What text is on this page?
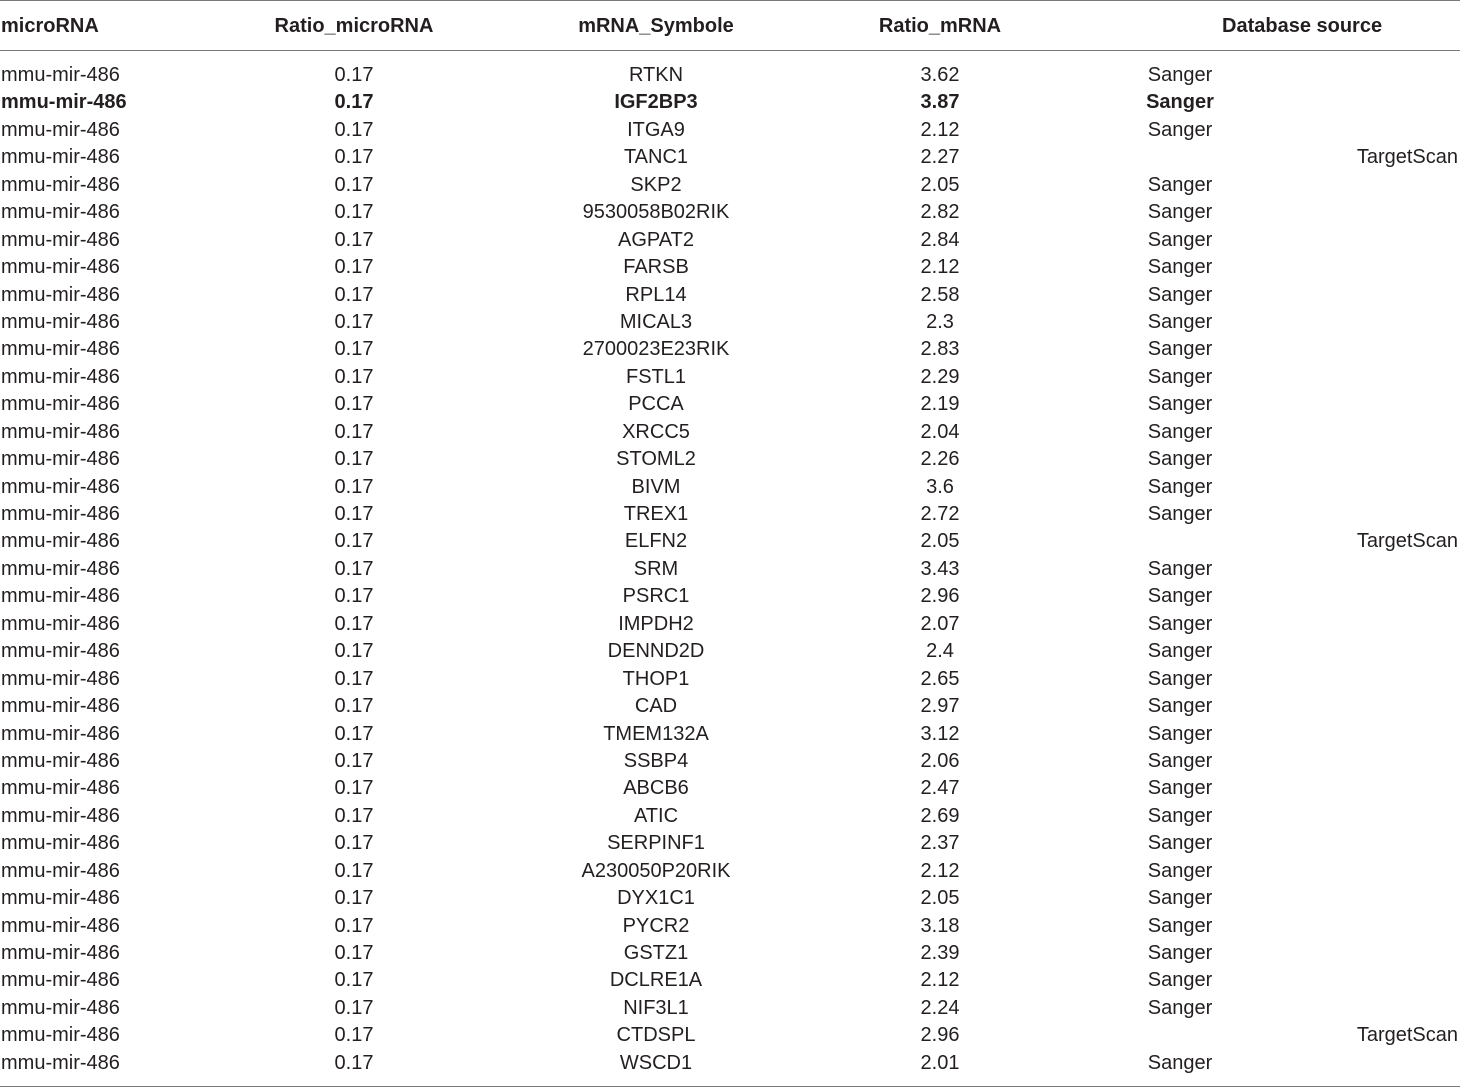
microRNA	Ratio_microRNA	mRNA_Symbole	Ratio_mRNA	Database source
mmu-mir-486	0.17	RTKN	3.62	Sanger
mmu-mir-486	0.17	IGF2BP3	3.87	Sanger
mmu-mir-486	0.17	ITGA9	2.12	Sanger
mmu-mir-486	0.17	TANC1	2.27	TargetScan
mmu-mir-486	0.17	SKP2	2.05	Sanger
mmu-mir-486	0.17	9530058B02RIK	2.82	Sanger
mmu-mir-486	0.17	AGPAT2	2.84	Sanger
mmu-mir-486	0.17	FARSB	2.12	Sanger
mmu-mir-486	0.17	RPL14	2.58	Sanger
mmu-mir-486	0.17	MICAL3	2.3	Sanger
mmu-mir-486	0.17	2700023E23RIK	2.83	Sanger
mmu-mir-486	0.17	FSTL1	2.29	Sanger
mmu-mir-486	0.17	PCCA	2.19	Sanger
mmu-mir-486	0.17	XRCC5	2.04	Sanger
mmu-mir-486	0.17	STOML2	2.26	Sanger
mmu-mir-486	0.17	BIVM	3.6	Sanger
mmu-mir-486	0.17	TREX1	2.72	Sanger
mmu-mir-486	0.17	ELFN2	2.05	TargetScan
mmu-mir-486	0.17	SRM	3.43	Sanger
mmu-mir-486	0.17	PSRC1	2.96	Sanger
mmu-mir-486	0.17	IMPDH2	2.07	Sanger
mmu-mir-486	0.17	DENND2D	2.4	Sanger
mmu-mir-486	0.17	THOP1	2.65	Sanger
mmu-mir-486	0.17	CAD	2.97	Sanger
mmu-mir-486	0.17	TMEM132A	3.12	Sanger
mmu-mir-486	0.17	SSBP4	2.06	Sanger
mmu-mir-486	0.17	ABCB6	2.47	Sanger
mmu-mir-486	0.17	ATIC	2.69	Sanger
mmu-mir-486	0.17	SERPINF1	2.37	Sanger
mmu-mir-486	0.17	A230050P20RIK	2.12	Sanger
mmu-mir-486	0.17	DYX1C1	2.05	Sanger
mmu-mir-486	0.17	PYCR2	3.18	Sanger
mmu-mir-486	0.17	GSTZ1	2.39	Sanger
mmu-mir-486	0.17	DCLRE1A	2.12	Sanger
mmu-mir-486	0.17	NIF3L1	2.24	Sanger
mmu-mir-486	0.17	CTDSPL	2.96	TargetScan
mmu-mir-486	0.17	WSCD1	2.01	Sanger
